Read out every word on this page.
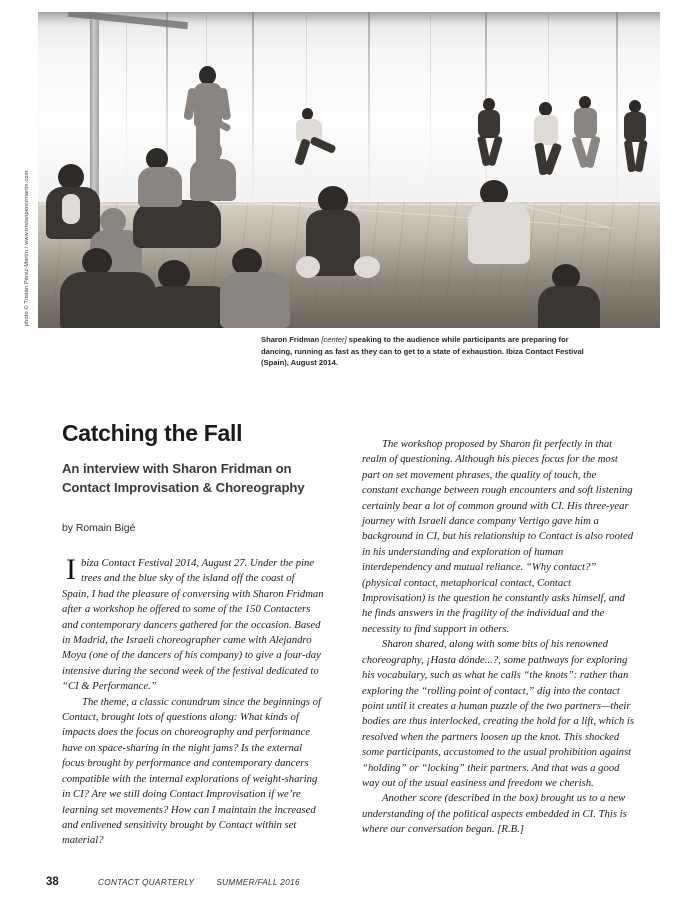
photo © Tristán Pérez-Martín / www.tristanperezmartin.com
Sharon Fridman [center] speaking to the audience while participants are preparing for dancing, running as fast as they can to get to a state of exhaustion. Ibiza Contact Festival (Spain), August 2014.
Catching the Fall
An interview with Sharon Fridman on Contact Improvisation & Choreography
by Romain Bigé

Ibiza Contact Festival 2014, August 27. Under the pine trees and the blue sky of the island off the coast of Spain, I had the pleasure of conversing with Sharon Fridman after a workshop he offered to some of the 150 Contacters and contemporary dancers gathered for the occasion. Based in Madrid, the Israeli choreographer came with Alejandro Moya (one of the dancers of his company) to give a four-day intensive during the second week of the festival dedicated to “CI & Performance.”

The theme, a classic conundrum since the beginnings of Contact, brought lots of questions along: What kinds of impacts does the focus on choreography and performance have on space-sharing in the night jams? Is the external focus brought by performance and contemporary dancers compatible with the internal explorations of weight-sharing in CI? Are we still doing Contact Improvisation if we’re learning set movements? How can I maintain the increased and enlivened sensitivity brought by Contact within set material?

The workshop proposed by Sharon fit perfectly in that realm of questioning. Although his pieces focus for the most part on set movement phrases, the quality of touch, the constant exchange between rough encounters and soft listening certainly bear a lot of common ground with CI. His three-year journey with Israeli dance company Vertigo gave him a background in CI, but his relationship to Contact is also rooted in his understanding and exploration of human interdependency and mutual reliance. “Why contact?” (physical contact, metaphorical contact, Contact Improvisation) is the question he constantly asks himself, and he finds answers in the fragility of the individual and the necessity to find support in others.

Sharon shared, along with some bits of his renowned choreography, ¡Hasta dónde...?, some pathways for exploring his vocabulary, such as what he calls “the knots”: rather than exploring the “rolling point of contact,” dig into the contact point until it creates a human puzzle of the two partners—their bodies are thus interlocked, creating the hold for a lift, which is resolved when the partners loosen up the knot. This shocked some participants, accustomed to the usual prohibition against “holding” or “locking” their partners. And that was a good way out of the usual easiness and freedom we cherish.

Another score (described in the box) brought us to a new understanding of the political aspects embedded in CI. This is where our conversation began. [R.B.]

38	CONTACT QUARTERLY	SUMMER/FALL 2016
